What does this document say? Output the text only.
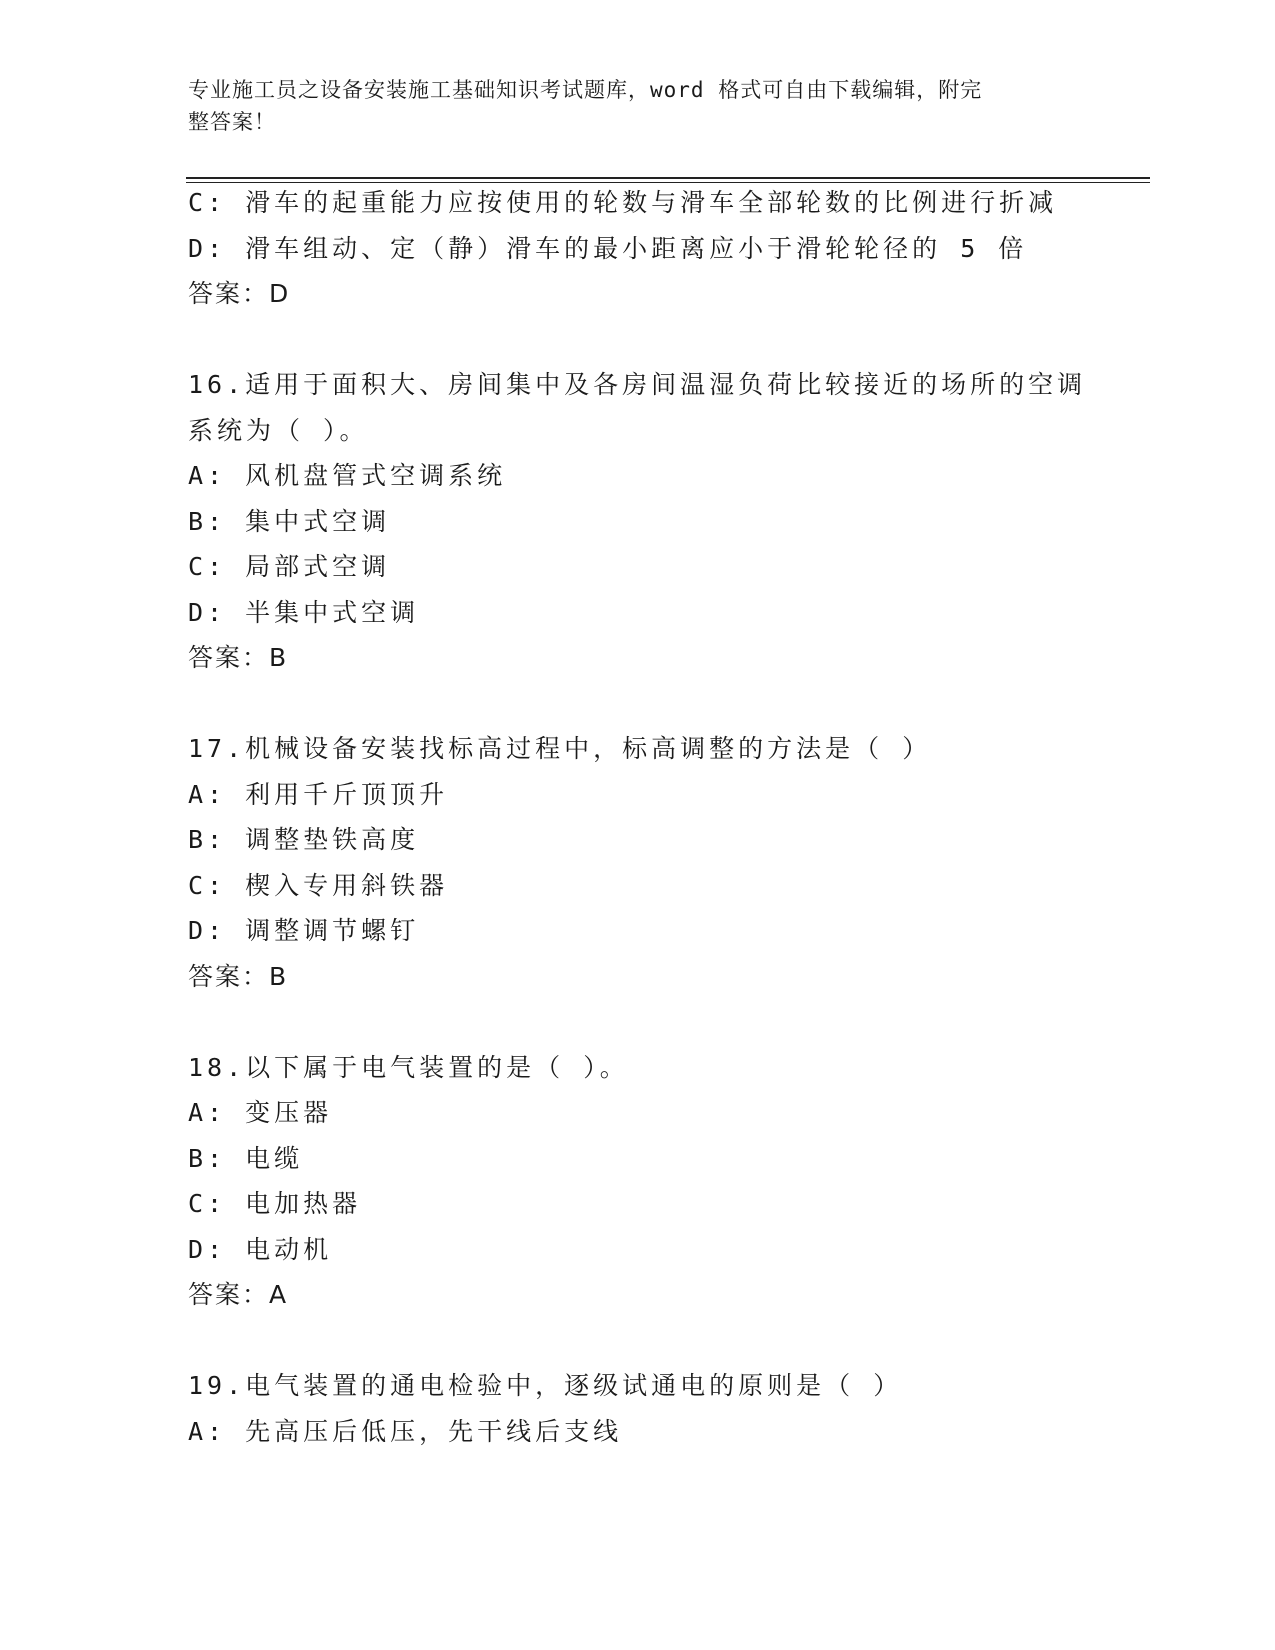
专业施工员之设备安装施工基础知识考试题库，word 格式可自由下载编辑，附完
整答案！
C: 滑车的起重能力应按使用的轮数与滑车全部轮数的比例进行折减
D: 滑车组动、定（静）滑车的最小距离应小于滑轮轮径的 5 倍
答案：D
16.适用于面积大、房间集中及各房间温湿负荷比较接近的场所的空调
系统为（ ）。
A: 风机盘管式空调系统
B: 集中式空调
C: 局部式空调
D: 半集中式空调
答案：B
17.机械设备安装找标高过程中，标高调整的方法是（ ）
A: 利用千斤顶顶升
B: 调整垫铁高度
C: 楔入专用斜铁器
D: 调整调节螺钉
答案：B
18.以下属于电气装置的是（ ）。
A: 变压器
B: 电缆
C: 电加热器
D: 电动机
答案：A
19.电气装置的通电检验中，逐级试通电的原则是（ ）
A: 先高压后低压，先干线后支线
